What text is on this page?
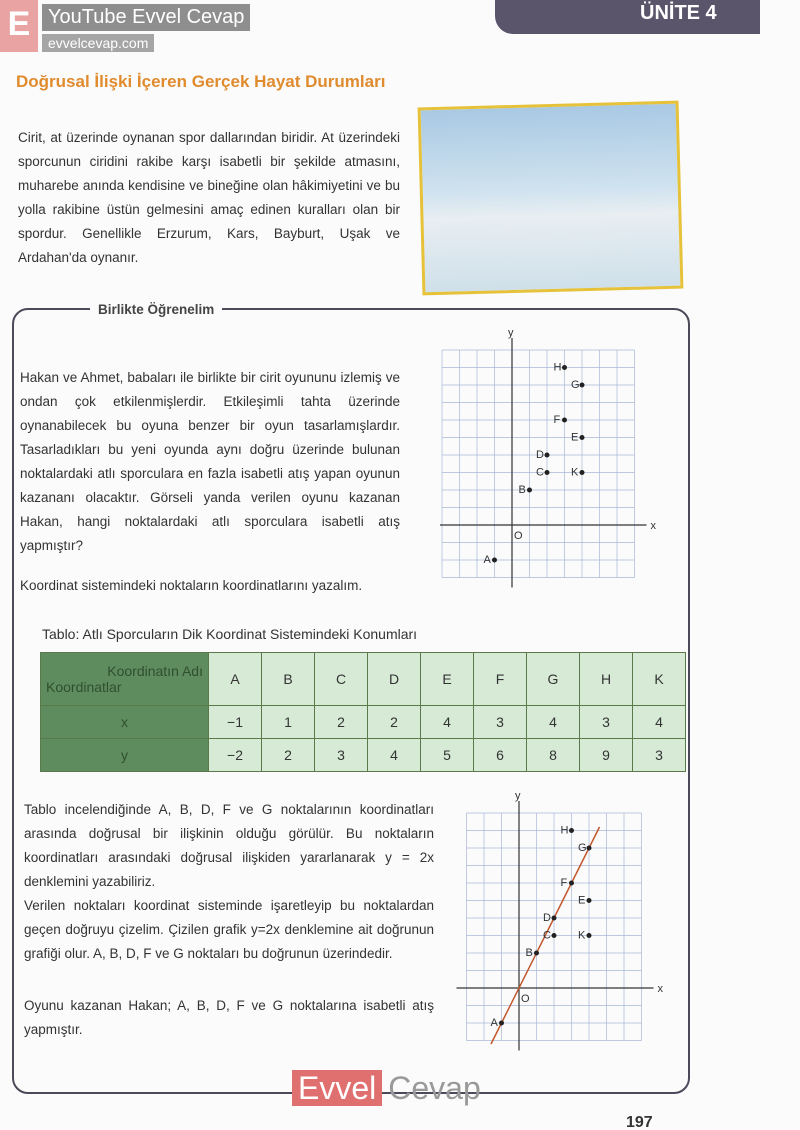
E YouTube Evvel Cevap
evvelcevap.com
ÜNİTE 4
Doğrusal İlişki İçeren Gerçek Hayat Durumları
Cirit, at üzerinde oynanan spor dallarından biridir. At üzerindeki sporcunun ciridini rakibe karşı isabetli bir şekilde atmasını, muharebe anında kendisine ve bineğine olan hâkimiyetini ve bu yolla rakibine üstün gelmesini amaç edinen kuralları olan bir spordur. Genellikle Erzurum, Kars, Bayburt, Uşak ve Ardahan'da oynanır.
Birlikte Öğrenelim
Hakan ve Ahmet, babaları ile birlikte bir cirit oyununu izlemiş ve ondan çok etkilenmişlerdir. Etkileşimli tahta üzerinde oynanabilecek bu oyuna benzer bir oyun tasarlamışlardır. Tasarladıkları bu yeni oyunda aynı doğru üzerinde bulunan noktalardaki atlı sporculara en fazla isabetli atış yapan oyunun kazananı olacaktır. Görseli yanda verilen oyunu kazanan Hakan, hangi noktalardaki atlı sporculara isabetli atış yapmıştır?
Koordinat sistemindeki noktaların koordinatlarını yazalım.
x
y
O
A
B
C
D
E
F
G
H
K
Tablo: Atlı Sporcuların Dik Koordinat Sistemindeki Konumları
Koordinatın Adı
Koordinatlar	A	B	C	D	E	F	G	H	K
x	−1	1	2	2	4	3	4	3	4
y	−2	2	3	4	5	6	8	9	3
Tablo incelendiğinde A, B, D, F ve G noktalarının koordinatları arasında doğrusal bir ilişkinin olduğu görülür. Bu noktaların koordinatları arasındaki doğrusal ilişkiden yararlanarak y = 2x denklemini yazabiliriz.
Verilen noktaları koordinat sisteminde işaretleyip bu noktalardan geçen doğruyu çizelim. Çizilen grafik y=2x denklemine ait doğrunun grafiği olur. A, B, D, F ve G noktaları bu doğrunun üzerindedir.
Oyunu kazanan Hakan; A, B, D, F ve G noktalarına isabetli atış yapmıştır.
x
y
O
A
B
C
D
E
F
G
H
K
Evvel Cevap
197
